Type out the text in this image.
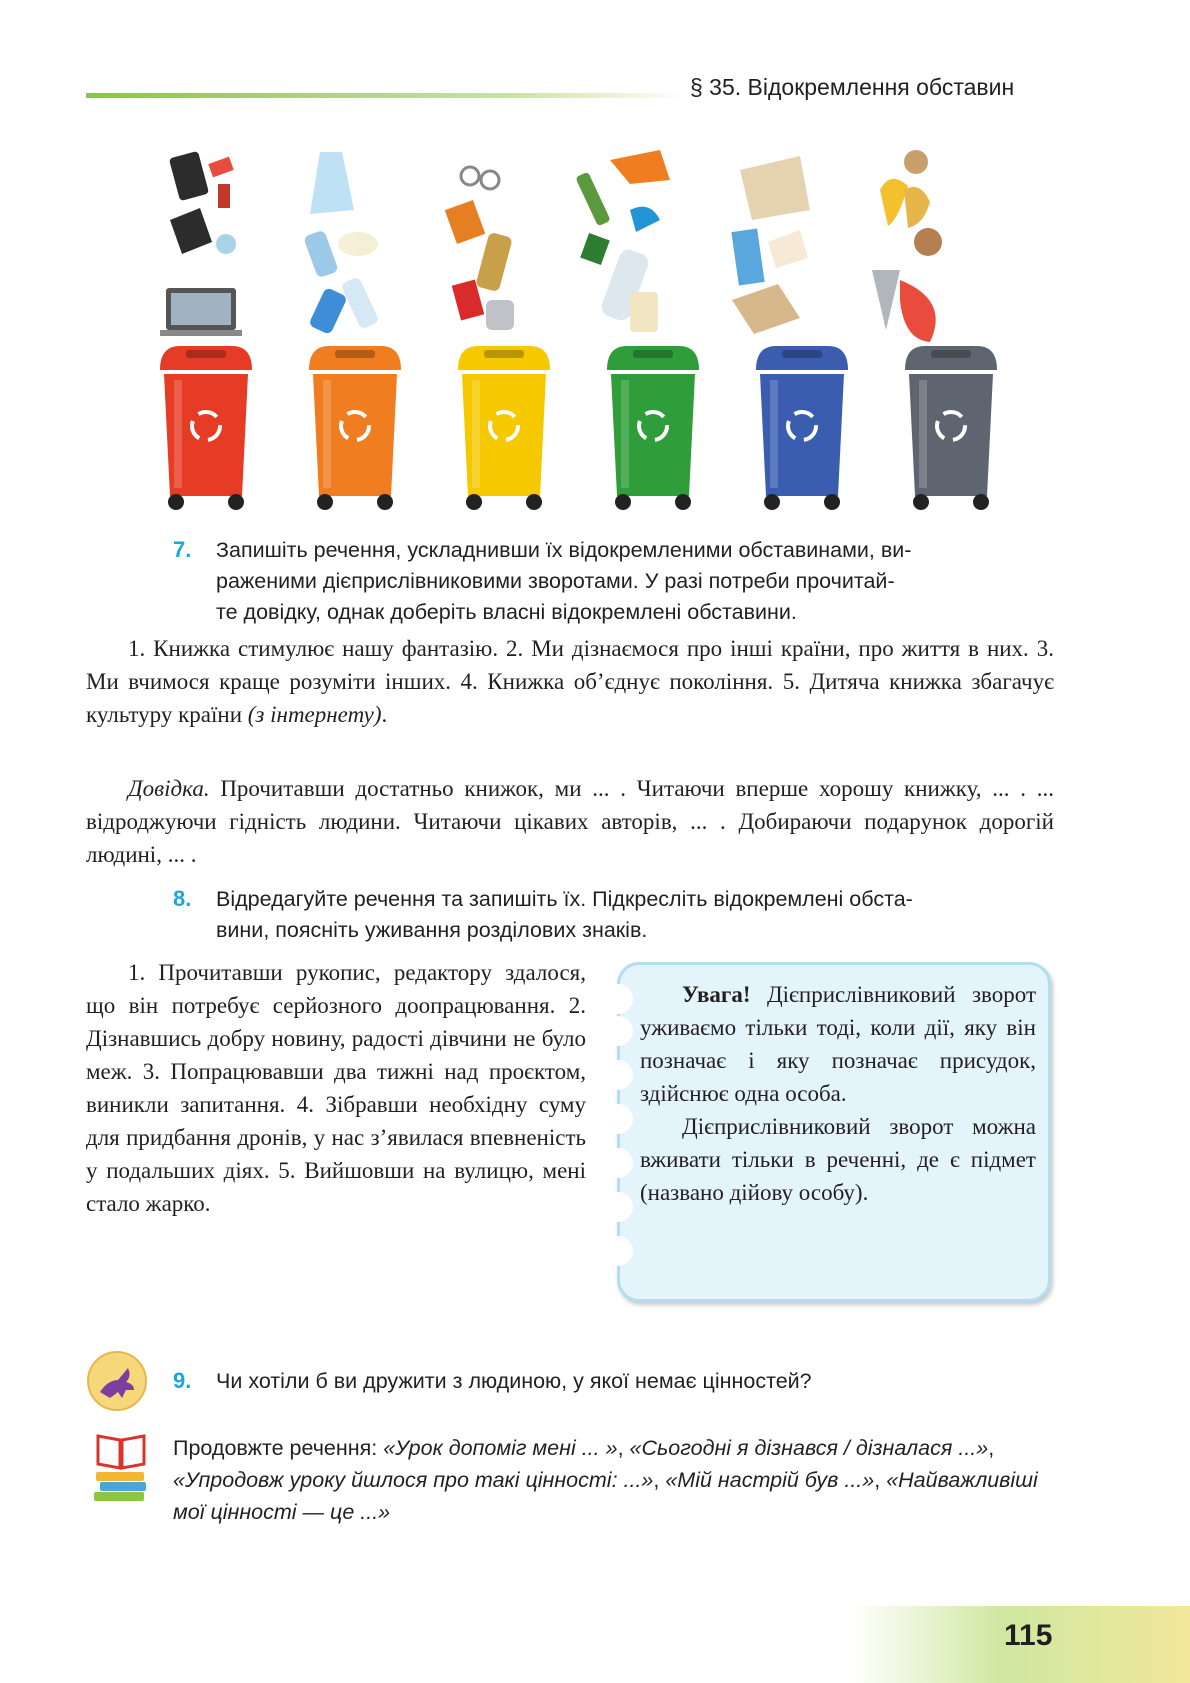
§ 35. Відокремлення обставин
7. Запишіть речення, ускладнивши їх відокремленими обставинами, ви-
раженими дієприслівниковими зворотами. У разі потреби прочитай-
те довідку, однак доберіть власні відокремлені обставини.

1. Книжка стимулює нашу фантазію. 2. Ми дізнаємося про інші країни, про життя в них. 3. Ми вчимося краще розуміти інших. 4. Книжка об’єднує покоління. 5. Дитяча книжка збагачує культуру країни (з інтернету).

Довідка. Прочитавши достатньо книжок, ми ... . Читаючи вперше хорошу книжку, ... . ... відроджуючи гідність людини. Читаючи цікавих авторів, ... . Добираючи подарунок дорогій людині, ... .

8. Відредагуйте речення та запишіть їх. Підкресліть відокремлені обста-
вини, поясніть уживання розділових знаків.

1. Прочитавши рукопис, редактору здалося, що він потребує серйозного доопрацювання. 2. Дізнавшись добру новину, радості дівчини не було меж. 3. Попрацювавши два тижні над проєктом, виникли запитання. 4. Зібравши необхідну суму для придбання дронів, у нас з’явилася впевненість у подальших діях. 5. Вийшовши на вулицю, мені стало жарко.

Увага! Дієприслівниковий зворот уживаємо тільки тоді, коли дії, яку він позначає і яку позначає присудок, здійснює одна особа.

Дієприслівниковий зворот можна вживати тільки в реченні, де є підмет (названо дійову особу).

9. Чи хотіли б ви дружити з людиною, у якої немає цінностей?
Продовжте речення: «Урок допоміг мені ... », «Сьогодні я дізнався / дізналася ...», «Упродовж уроку йшлося про такі цінності: ...», «Мій настрій був ...», «Найважливіші мої цінності — це ...»
115
